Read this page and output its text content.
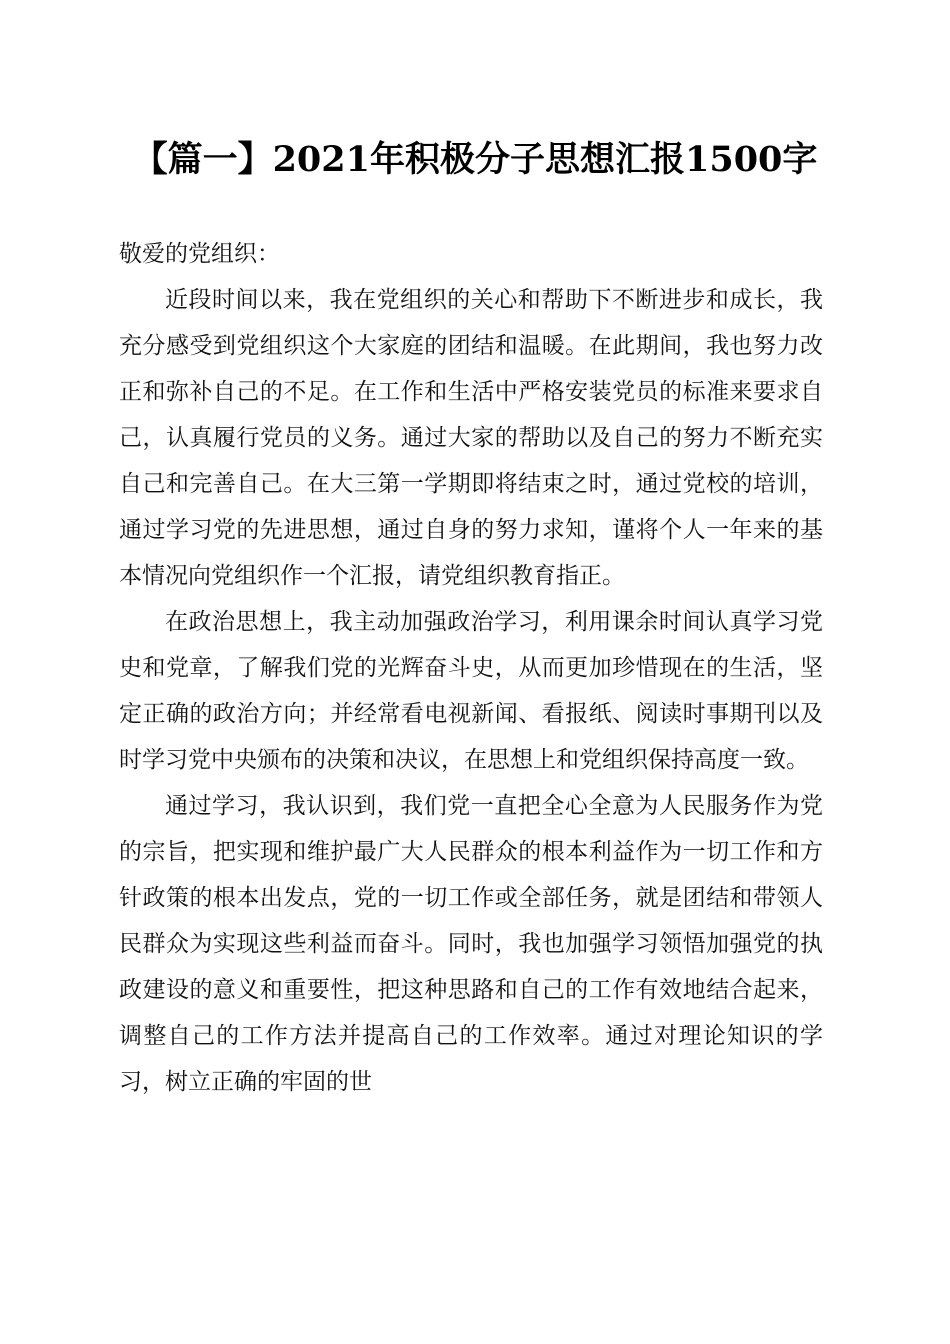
【篇一】2021年积极分子思想汇报1500字

敬爱的党组织：

近段时间以来，我在党组织的关心和帮助下不断进步和成长，我充分感受到党组织这个大家庭的团结和温暖。在此期间，我也努力改正和弥补自己的不足。在工作和生活中严格安装党员的标准来要求自己，认真履行党员的义务。通过大家的帮助以及自己的努力不断充实自己和完善自己。在大三第一学期即将结束之时，通过党校的培训，通过学习党的先进思想，通过自身的努力求知，谨将个人一年来的基本情况向党组织作一个汇报，请党组织教育指正。

在政治思想上，我主动加强政治学习，利用课余时间认真学习党史和党章，了解我们党的光辉奋斗史，从而更加珍惜现在的生活，坚定正确的政治方向；并经常看电视新闻、看报纸、阅读时事期刊以及时学习党中央颁布的决策和决议，在思想上和党组织保持高度一致。

通过学习，我认识到，我们党一直把全心全意为人民服务作为党的宗旨，把实现和维护最广大人民群众的根本利益作为一切工作和方针政策的根本出发点，党的一切工作或全部任务，就是团结和带领人民群众为实现这些利益而奋斗。同时，我也加强学习领悟加强党的执政建设的意义和重要性，把这种思路和自己的工作有效地结合起来，调整自己的工作方法并提高自己的工作效率。通过对理论知识的学习，树立正确的牢固的世
